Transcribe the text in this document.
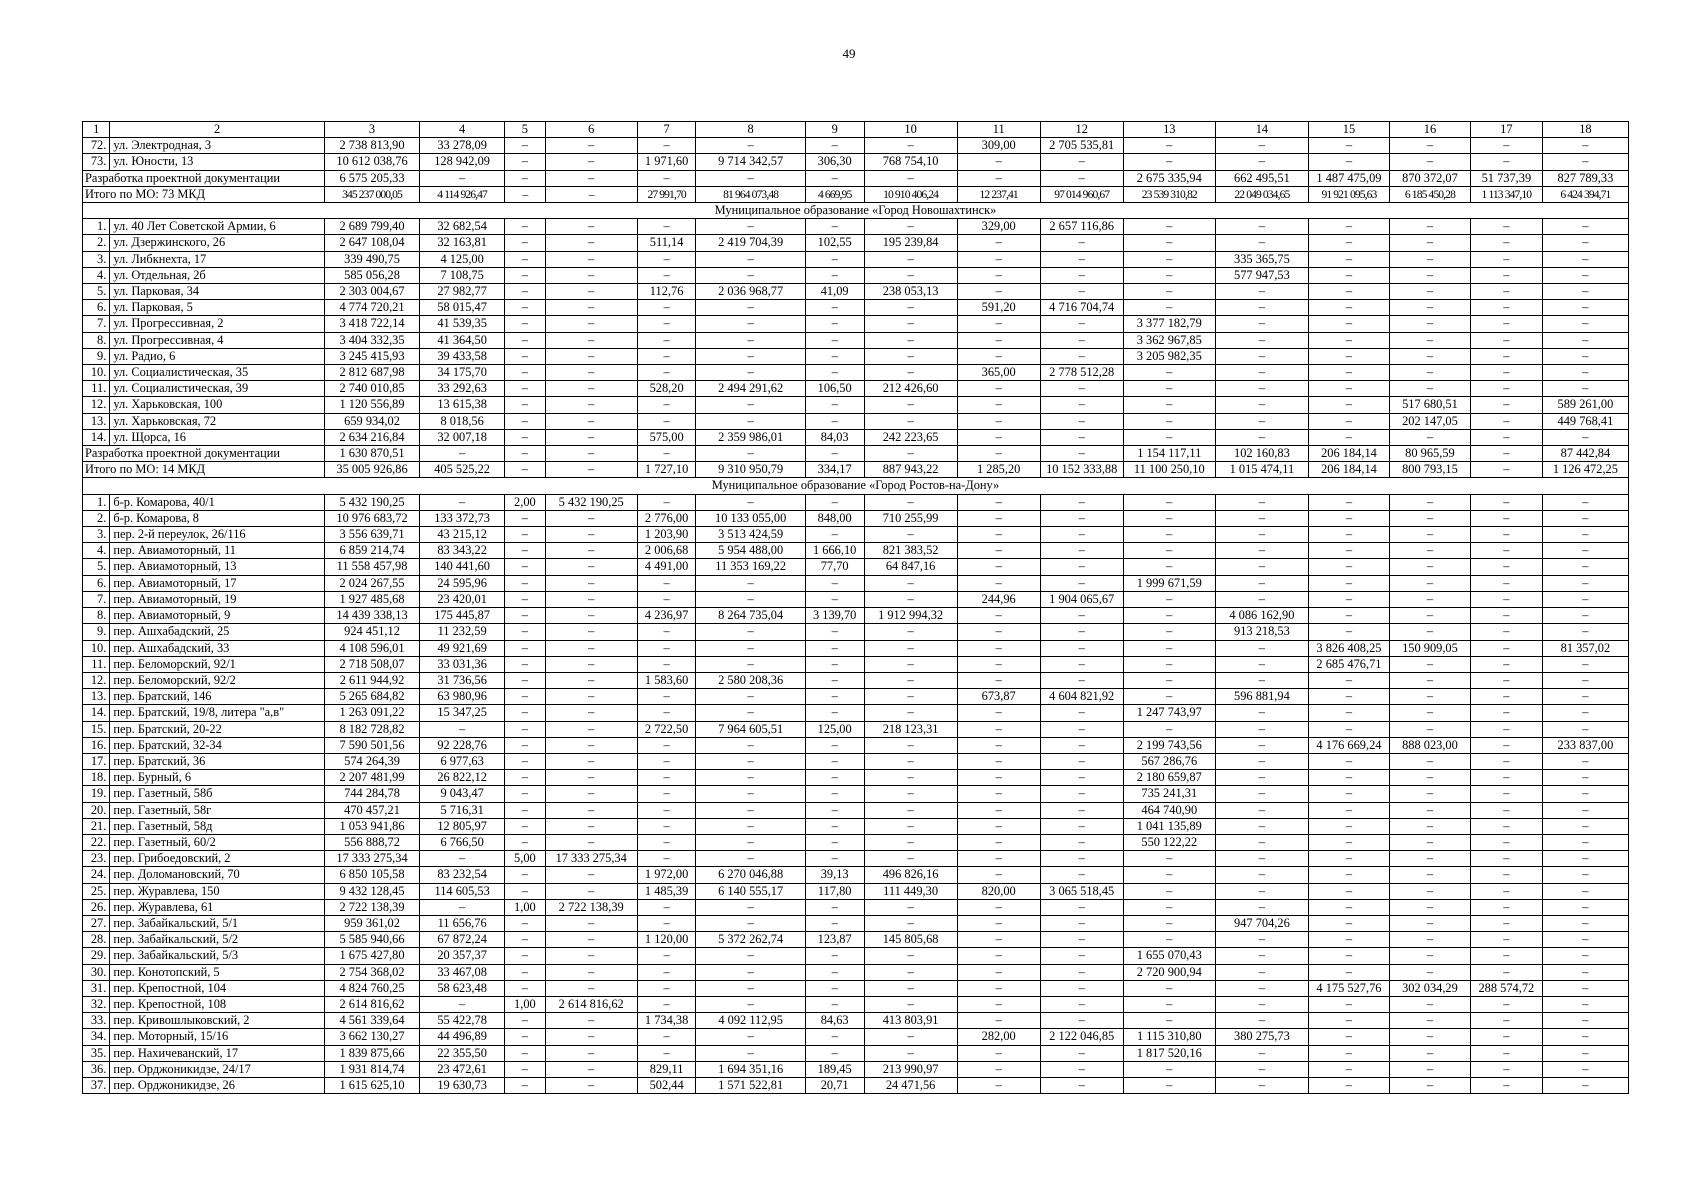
49
1	2	3	4	5	6	7	8	9	10	11	12	13	14	15	16	17	18
72.	ул. Электродная, 3	2 738 813,90	33 278,09	–	–	–	–	–	–	309,00	2 705 535,81	–	–	–	–	–	–
73.	ул. Юности, 13	10 612 038,76	128 942,09	–	–	1 971,60	9 714 342,57	306,30	768 754,10	–	–	–	–	–	–	–	–
Разработка проектной документации		6 575 205,33	–	–	–	–	–	–	–	–	–	2 675 335,94	662 495,51	1 487 475,09	870 372,07	51 737,39	827 789,33
Итого по МО: 73 МКД		345 237 000,05	4 114 926,47	–	–	27 991,70	81 964 073,48	4 669,95	10 910 406,24	12 237,41	97 014 960,67	23 539 310,82	22 049 034,65	91 921 095,63	6 185 450,28	1 113 347,10	6 424 394,71
Муниципальное образование «Город Новошахтинск»																	
1.	ул. 40 Лет Советской Армии, 6	2 689 799,40	32 682,54	–	–	–	–	–	–	329,00	2 657 116,86	–	–	–	–	–	–
2.	ул. Дзержинского, 26	2 647 108,04	32 163,81	–	–	511,14	2 419 704,39	102,55	195 239,84	–	–	–	–	–	–	–	–
3.	ул. Либкнехта, 17	339 490,75	4 125,00	–	–	–	–	–	–	–	–	–	335 365,75	–	–	–	–
4.	ул. Отдельная, 2б	585 056,28	7 108,75	–	–	–	–	–	–	–	–	–	577 947,53	–	–	–	–
5.	ул. Парковая, 34	2 303 004,67	27 982,77	–	–	112,76	2 036 968,77	41,09	238 053,13	–	–	–	–	–	–	–	–
6.	ул. Парковая, 5	4 774 720,21	58 015,47	–	–	–	–	–	–	591,20	4 716 704,74	–	–	–	–	–	–
7.	ул. Прогрессивная, 2	3 418 722,14	41 539,35	–	–	–	–	–	–	–	–	3 377 182,79	–	–	–	–	–
8.	ул. Прогрессивная, 4	3 404 332,35	41 364,50	–	–	–	–	–	–	–	–	3 362 967,85	–	–	–	–	–
9.	ул. Радио, 6	3 245 415,93	39 433,58	–	–	–	–	–	–	–	–	3 205 982,35	–	–	–	–	–
10.	ул. Социалистическая, 35	2 812 687,98	34 175,70	–	–	–	–	–	–	365,00	2 778 512,28	–	–	–	–	–	–
11.	ул. Социалистическая, 39	2 740 010,85	33 292,63	–	–	528,20	2 494 291,62	106,50	212 426,60	–	–	–	–	–	–	–	–
12.	ул. Харьковская, 100	1 120 556,89	13 615,38	–	–	–	–	–	–	–	–	–	–	–	517 680,51	–	589 261,00
13.	ул. Харьковская, 72	659 934,02	8 018,56	–	–	–	–	–	–	–	–	–	–	–	202 147,05	–	449 768,41
14.	ул. Щорса, 16	2 634 216,84	32 007,18	–	–	575,00	2 359 986,01	84,03	242 223,65	–	–	–	–	–	–	–	–
Разработка проектной документации		1 630 870,51	–	–	–	–	–	–	–	–	–	1 154 117,11	102 160,83	206 184,14	80 965,59	–	87 442,84
Итого по МО: 14 МКД		35 005 926,86	405 525,22	–	–	1 727,10	9 310 950,79	334,17	887 943,22	1 285,20	10 152 333,88	11 100 250,10	1 015 474,11	206 184,14	800 793,15	–	1 126 472,25
Муниципальное образование «Город Ростов-на-Дону»																	
1.	б-р. Комарова, 40/1	5 432 190,25	–	2,00	5 432 190,25	–	–	–	–	–	–	–	–	–	–	–	–
2.	б-р. Комарова, 8	10 976 683,72	133 372,73	–	–	2 776,00	10 133 055,00	848,00	710 255,99	–	–	–	–	–	–	–	–
3.	пер. 2-й переулок, 26/116	3 556 639,71	43 215,12	–	–	1 203,90	3 513 424,59	–	–	–	–	–	–	–	–	–	–
4.	пер. Авиамоторный, 11	6 859 214,74	83 343,22	–	–	2 006,68	5 954 488,00	1 666,10	821 383,52	–	–	–	–	–	–	–	–
5.	пер. Авиамоторный, 13	11 558 457,98	140 441,60	–	–	4 491,00	11 353 169,22	77,70	64 847,16	–	–	–	–	–	–	–	–
6.	пер. Авиамоторный, 17	2 024 267,55	24 595,96	–	–	–	–	–	–	–	–	1 999 671,59	–	–	–	–	–
7.	пер. Авиамоторный, 19	1 927 485,68	23 420,01	–	–	–	–	–	–	244,96	1 904 065,67	–	–	–	–	–	–
8.	пер. Авиамоторный, 9	14 439 338,13	175 445,87	–	–	4 236,97	8 264 735,04	3 139,70	1 912 994,32	–	–	–	4 086 162,90	–	–	–	–
9.	пер. Ашхабадский, 25	924 451,12	11 232,59	–	–	–	–	–	–	–	–	–	913 218,53	–	–	–	–
10.	пер. Ашхабадский, 33	4 108 596,01	49 921,69	–	–	–	–	–	–	–	–	–	–	3 826 408,25	150 909,05	–	81 357,02
11.	пер. Беломорский, 92/1	2 718 508,07	33 031,36	–	–	–	–	–	–	–	–	–	–	2 685 476,71	–	–	–
12.	пер. Беломорский, 92/2	2 611 944,92	31 736,56	–	–	1 583,60	2 580 208,36	–	–	–	–	–	–	–	–	–	–
13.	пер. Братский, 146	5 265 684,82	63 980,96	–	–	–	–	–	–	673,87	4 604 821,92	–	596 881,94	–	–	–	–
14.	пер. Братский, 19/8, литера "а,в"	1 263 091,22	15 347,25	–	–	–	–	–	–	–	–	1 247 743,97	–	–	–	–	–
15.	пер. Братский, 20-22	8 182 728,82	–	–	–	2 722,50	7 964 605,51	125,00	218 123,31	–	–	–	–	–	–	–	–
16.	пер. Братский, 32-34	7 590 501,56	92 228,76	–	–	–	–	–	–	–	–	2 199 743,56	–	4 176 669,24	888 023,00	–	233 837,00
17.	пер. Братский, 36	574 264,39	6 977,63	–	–	–	–	–	–	–	–	567 286,76	–	–	–	–	–
18.	пер. Бурный, 6	2 207 481,99	26 822,12	–	–	–	–	–	–	–	–	2 180 659,87	–	–	–	–	–
19.	пер. Газетный, 58б	744 284,78	9 043,47	–	–	–	–	–	–	–	–	735 241,31	–	–	–	–	–
20.	пер. Газетный, 58г	470 457,21	5 716,31	–	–	–	–	–	–	–	–	464 740,90	–	–	–	–	–
21.	пер. Газетный, 58д	1 053 941,86	12 805,97	–	–	–	–	–	–	–	–	1 041 135,89	–	–	–	–	–
22.	пер. Газетный, 60/2	556 888,72	6 766,50	–	–	–	–	–	–	–	–	550 122,22	–	–	–	–	–
23.	пер. Грибоедовский, 2	17 333 275,34	–	5,00	17 333 275,34	–	–	–	–	–	–	–	–	–	–	–	–
24.	пер. Доломановский, 70	6 850 105,58	83 232,54	–	–	1 972,00	6 270 046,88	39,13	496 826,16	–	–	–	–	–	–	–	–
25.	пер. Журавлева, 150	9 432 128,45	114 605,53	–	–	1 485,39	6 140 555,17	117,80	111 449,30	820,00	3 065 518,45	–	–	–	–	–	–
26.	пер. Журавлева, 61	2 722 138,39	–	1,00	2 722 138,39	–	–	–	–	–	–	–	–	–	–	–	–
27.	пер. Забайкальский, 5/1	959 361,02	11 656,76	–	–	–	–	–	–	–	–	–	947 704,26	–	–	–	–
28.	пер. Забайкальский, 5/2	5 585 940,66	67 872,24	–	–	1 120,00	5 372 262,74	123,87	145 805,68	–	–	–	–	–	–	–	–
29.	пер. Забайкальский, 5/3	1 675 427,80	20 357,37	–	–	–	–	–	–	–	–	1 655 070,43	–	–	–	–	–
30.	пер. Конотопский, 5	2 754 368,02	33 467,08	–	–	–	–	–	–	–	–	2 720 900,94	–	–	–	–	–
31.	пер. Крепостной, 104	4 824 760,25	58 623,48	–	–	–	–	–	–	–	–	–	–	4 175 527,76	302 034,29	288 574,72	–
32.	пер. Крепостной, 108	2 614 816,62	–	1,00	2 614 816,62	–	–	–	–	–	–	–	–	–	–	–	–
33.	пер. Кривошлыковский, 2	4 561 339,64	55 422,78	–	–	1 734,38	4 092 112,95	84,63	413 803,91	–	–	–	–	–	–	–	–
34.	пер. Моторный, 15/16	3 662 130,27	44 496,89	–	–	–	–	–	–	282,00	2 122 046,85	1 115 310,80	380 275,73	–	–	–	–
35.	пер. Нахичеванский, 17	1 839 875,66	22 355,50	–	–	–	–	–	–	–	–	1 817 520,16	–	–	–	–	–
36.	пер. Орджоникидзе, 24/17	1 931 814,74	23 472,61	–	–	829,11	1 694 351,16	189,45	213 990,97	–	–	–	–	–	–	–	–
37.	пер. Орджоникидзе, 26	1 615 625,10	19 630,73	–	–	502,44	1 571 522,81	20,71	24 471,56	–	–	–	–	–	–	–	–
